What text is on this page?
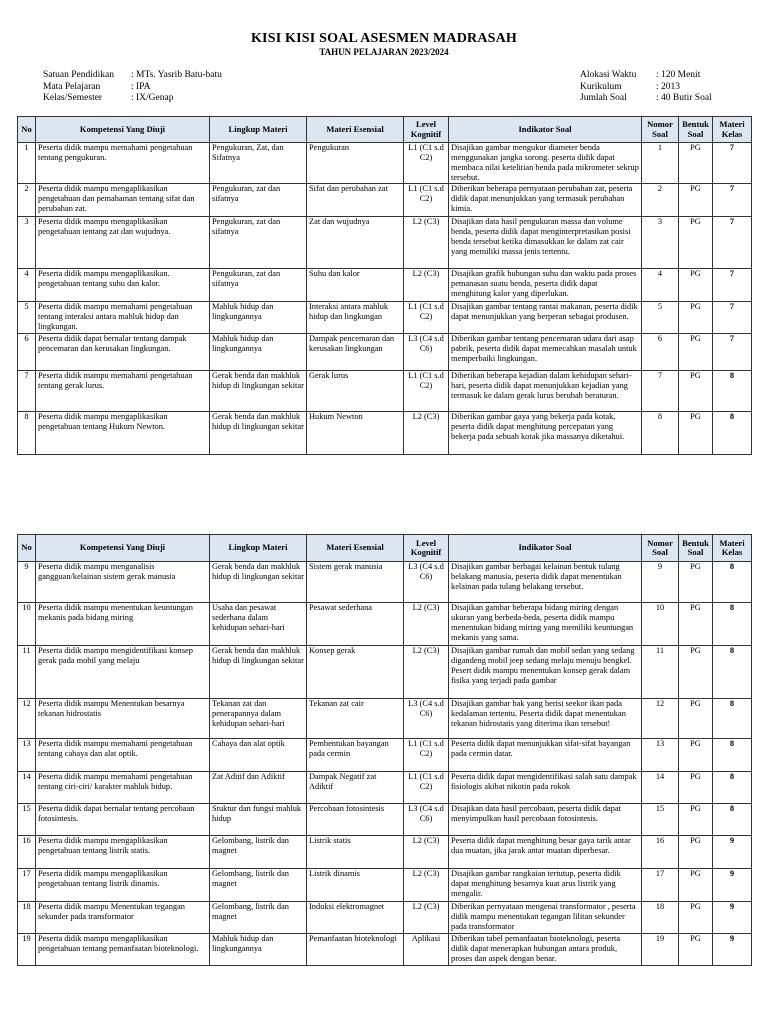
KISI KISI SOAL ASESMEN MADRASAH
TAHUN PELAJARAN 2023/2024
Satuan Pendidikan	: MTs. Yasrib Batu-batu
Mata Pelajaran	: IPA
Kelas/Semester	: IX/Genap
Alokasi Waktu	: 120 Menit
Kurikulum	: 2013
Jumlah Soal	: 40 Butir Soal
No	Kompetensi Yang Diuji	Lingkup Materi	Materi Esensial	Level Kognitif	Indikator Soal	Nomor Soal	Bentuk Soal	Materi Kelas
1	Peserta didik mampu memahami pengetahuan tentang pengukuran.	Pengukuran, Zat, dan Sifatnya	Pengukuran	L1 (C1 s.d C2)	Disajikan gambar mengukur diameter benda menggunakan jangka sorong. peserta didik dapat membaca nilai ketelitian benda pada mikrometer sekrup tersebut.	1	PG	7
2	Peserta didik mampu mengaplikasikan pengetahuan dan pemahaman tentang sifat dan perubahan zat.	Pengukuran, zat dan sifatnya	Sifat dan perubahan zat	L1 (C1 s.d C2)	Diberikan beberapa pernyataan perubahan zat, peserta didik dapat menunjukkan yang termasuk perubahan kimia.	2	PG	7
3	Peserta didik mampu mengaplikasikan pengetahuan tentang zat dan wujudnya.	Pengukuran, zat dan sifatnya	Zat dan wujudnya	L2 (C3)	Disajikan data hasil pengukuran massa dan volume benda, peserta didik dapat menginterpretasikan posisi benda tersebut ketika dimasukkan ke dalam zat cair yang memiliki massa jenis tertentu.	3	PG	7
4	Peserta didik mampu mengaplikasikan. pengetahuan tentang suhu dan kalor.	Pengukuran, zat dan sifatnya	Suhu dan kalor	L2 (C3)	Disajikan grafik hubungan suhu dan waktu pada proses pemanasan suatu benda, peserta didik dapat menghitung kalor yang diperlukan.	4	PG	7
5	Peserta didik mampu memahami pengetahuan tentang interaksi antara mahluk hidup dan lingkungan.	Mahluk hidup dan lingkungannya	Interaksi antara mahluk hidup dan lingkungan	L1 (C1 s.d C2)	Disajikan gambar tentang rantai makanan, peserta didik dapat menunjukkan yang berperan sebagai produsen.	5	PG	7
6	Peserta didik dapat bernalar tentang dampak pencemaran dan kerusakan lingkungan.	Mahluk hidup dan lingkungannya	Dampak pencemaran dan kerusakan lingkungan	L3 (C4 s.d C6)	Diberikan gambar tentang pencemaran udara dari asap pabrik, peserta didik dapat memecahkan masalah untuk memperbaiki lingkungan.	6	PG	7
7	Peserta didik mampu memahami pengetahuan tentang gerak lurus.	Gerak benda dan makhluk hidup di lingkungan sekitar	Gerak lurus	L1 (C1 s.d C2)	Diberikan beberapa kejadian dalam kehidupan sehari-hari, peserta didik dapat menunjukkan kejadian yang termasuk ke dalam gerak lurus berubah beraturan.	7	PG	8
8	Peserta didik mampu mengaplikasikan pengetahuan tentang Hukum Newton.	Gerak benda dan makhluk hidup di lingkungan sekitar	Hukum Newton	L2 (C3)	Diberikan gambar gaya yang bekerja pada kotak, peserta didik dapat menghitung percepatan yang bekerja pada sebuah kotak jika massanya diketahui.	8	PG	8
No	Kompetensi Yang Diuji	Lingkup Materi	Materi Esensial	Level Kognitif	Indikator Soal	Nomor Soal	Bentuk Soal	Materi Kelas
9	Peserta didik mampu menganalisis gangguan/kelainan sistem gerak manusia	Gerak benda dan makhluk hidup di lingkungan sekitar	Sistem gerak manusia	L3 (C4 s.d C6)	Disajikan gambar berbagai kelainan bentuk tulang belakang manusia, peserta didik dapat menentukan kelainan pada tulang belakang tersebut.	9	PG	8
10	Peserta didik mampu menentukan keuntungan mekanis pada bidang miring	Usaha dan pesawat sederhana dalam kehidupan sehari-hari	Pesawat sederhana	L2 (C3)	Disajikan gambar beberapa bidang miring dengan ukuran yang berbeda-beda, peserta didik mampu menentukan bidang miring yang memiliki keuntungan mekanis yang sama.	10	PG	8
11	Peserta didik mampu mengidentifikasi konsep gerak pada mobil yang melaju	Gerak benda dan makhluk hidup di lingkungan sekitar	Konsep gerak	L2 (C3)	Disajikan gambar rumah dan mobil sedan yang sedang digandeng mobil jeep sedang melaju menuju bengkel. Pesert didik mampu menentukan konsep gerak dalam fisika yang terjadi pada gambar	11	PG	8
12	Peserta didik mampu Menentukan besarnya tekanan hidrostatis	Tekanan zat dan penerapannya dalam kehidupan sehari-hari	Tekanan zat cair	L3 (C4 s.d C6)	Disajikan gambar bak yang berisi seekor ikan pada kedalaman tertentu. Peserta didik dapat menentukan tekanan hidrostatis yang diterima ikan tersebut!	12	PG	8
13	Peserta didik mampu memahami pengetahuan tentang cahaya dan alat optik.	Cahaya dan alat optik	Pembentukan bayangan pada cermin	L1 (C1 s.d C2)	Peserta didik dapat menunjukkan sifat-sifat bayangan pada cermin datar.	13	PG	8
14	Peserta didik mampu memahami pengetahuan tentang ciri-ciri/ karakter mahluk hidup.	Zat Aditif dan Adiktif	Dampak Negatif zat Adiktif	L1 (C1 s.d C2)	Peserta didik dapat mengidentifikasi salah satu dampak fisiologis akibat nikotin pada rokok	14	PG	8
15	Peserta didik dapat bernalar tentang percobaan fotosintesis.	Stuktur dan fungsi mahluk hidup	Percobaan fotosintesis	L3 (C4 s.d C6)	Disajikan data hasil percobaan, peserta didik dapat menyimpulkan hasil percobaan fotosintesis.	15	PG	8
16	Peserta didik mampu mengaplikasikan pengetahuan tentang listrik statis.	Gelombang, listrik dan magnet	Listrik statis	L2 (C3)	Peserta didik dapat menghitung besar gaya tarik antar dua muatan, jika jarak antar muatan diperbesar.	16	PG	9
17	Peserta didik mampu mengaplikasikan pengetahuan tentang listrik dinamis.	Gelombang, listrik dan magnet	Listrik dinamis	L2 (C3)	Disajikan gambar rangkaian tertutup, peserta didik dapat menghitung besarnya kuat arus listrik yang mengalir.	17	PG	9
18	Peserta didik mampu Menentukan tegangan sekunder pada transformator	Gelombang, listrik dan magnet	Induksi elektromagnet	L2 (C3)	Diberikan pernyataan mengenai transformator , peserta didik mampu menentukan tegangan lilitan sekunder pada transformator	18	PG	9
19	Peserta didik mampu mengaplikasikan pengetahuan tentang pemanfaatan bioteknologi.	Mahluk hidup dan lingkungannya	Pemanfaatan bioteknologi	Aplikasi	Diberikan tabel pemanfaatan bioteknologi, peserta didik dapat menerapkan hubungan antara produk, proses dan aspek dengan benar.	19	PG	9
